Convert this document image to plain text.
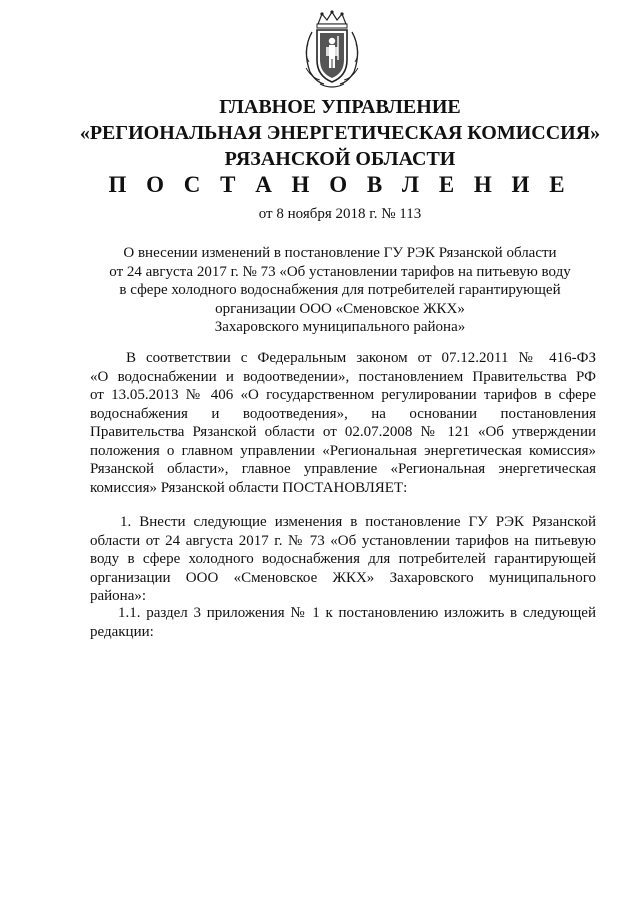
ГЛАВНОЕ УПРАВЛЕНИЕ
«РЕГИОНАЛЬНАЯ ЭНЕРГЕТИЧЕСКАЯ КОМИССИЯ»
РЯЗАНСКОЙ ОБЛАСТИ
П О С Т А Н О В Л Е Н И Е
от 8 ноября 2018 г. № 113
О внесении изменений в постановление ГУ РЭК Рязанской области
от 24 августа 2017 г. № 73 «Об установлении тарифов на питьевую воду
в сфере холодного водоснабжения для потребителей гарантирующей
организации ООО «Сменовское ЖКХ»
Захаровского муниципального района»
В соответствии с Федеральным законом от 07.12.2011 № 416-ФЗ
«О водоснабжении и водоотведении», постановлением Правительства РФ
от 13.05.2013 № 406 «О государственном регулировании тарифов в сфере
водоснабжения и водоотведения», на основании постановления
Правительства Рязанской области от 02.07.2008 № 121 «Об утверждении
положения о главном управлении «Региональная энергетическая комиссия»
Рязанской области», главное управление «Региональная энергетическая
комиссия» Рязанской области ПОСТАНОВЛЯЕТ:
1. Внести следующие изменения в постановление ГУ РЭК Рязанской
области от 24 августа 2017 г. № 73 «Об установлении тарифов на питьевую
воду в сфере холодного водоснабжения для потребителей гарантирующей
организации ООО «Сменовское ЖКХ» Захаровского муниципального
района»:
1.1. раздел 3 приложения № 1 к постановлению изложить в следующей
редакции:
